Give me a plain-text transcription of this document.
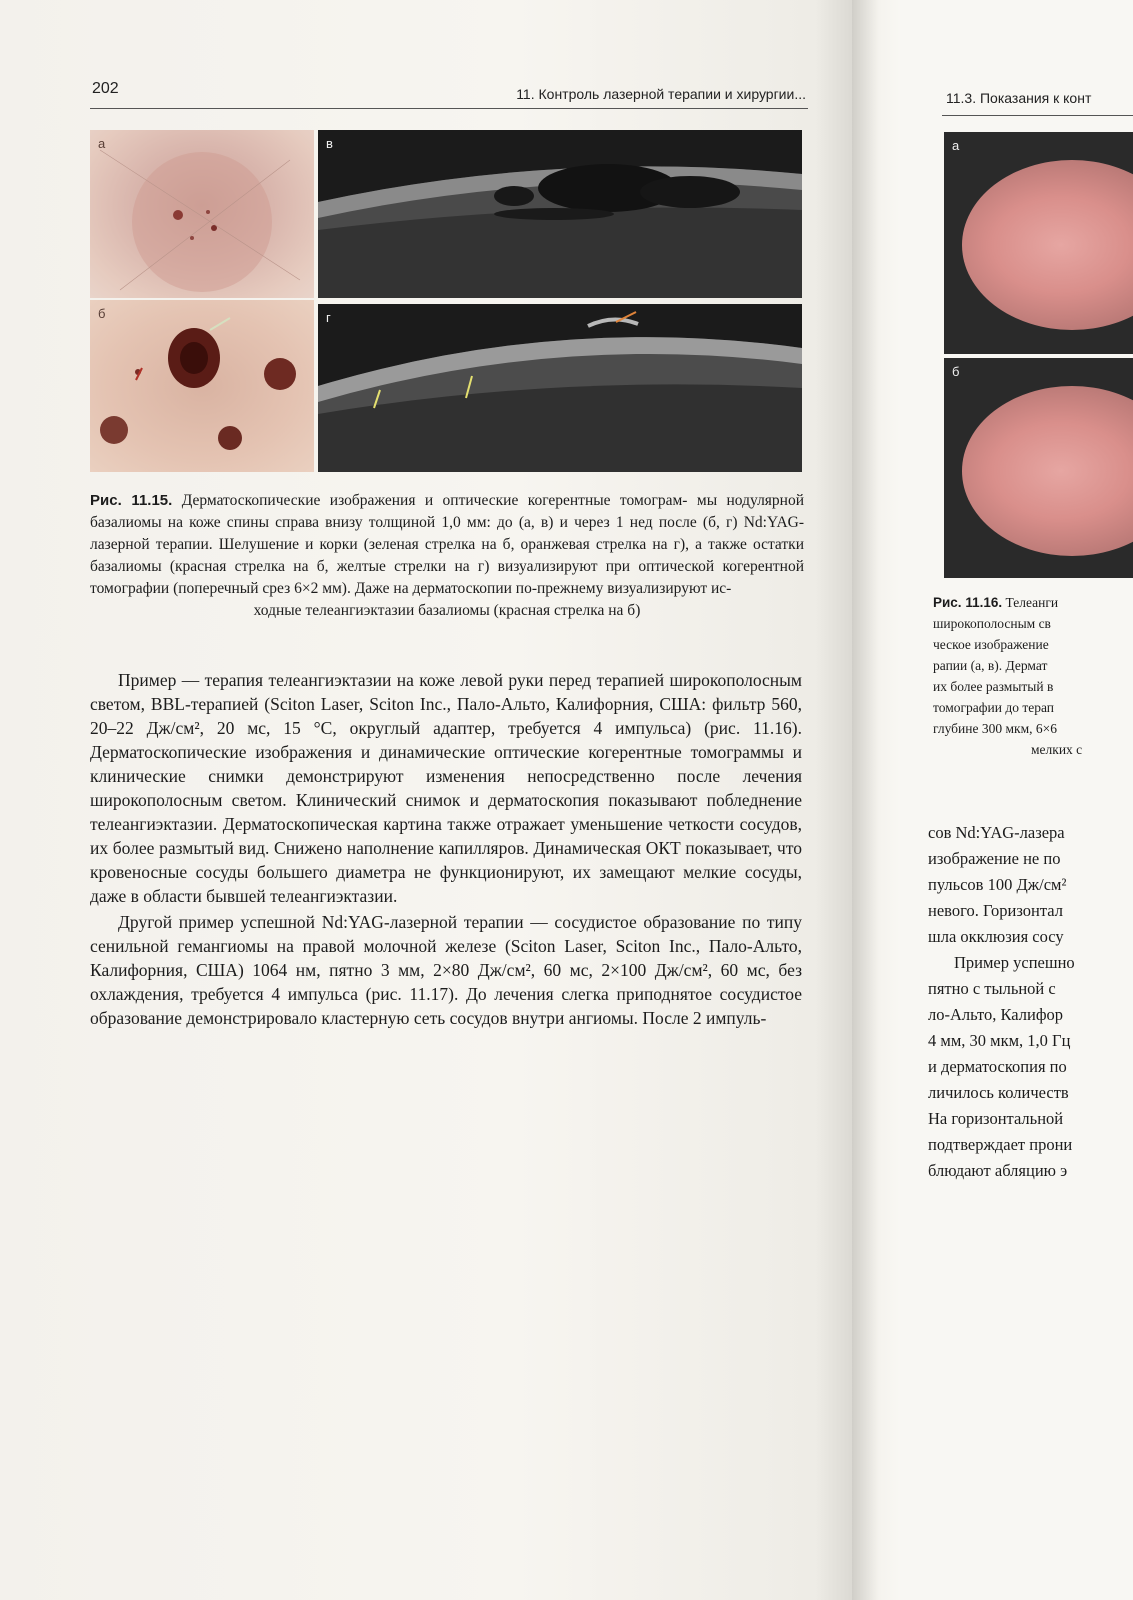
202	11. Контроль лазерной терапии и хирургии...
а	в
б	г
Рис. 11.15. Дерматоскопические изображения и оптические когерентные томограм- мы нодулярной базалиомы на коже спины справа внизу толщиной 1,0 мм: до (а, в) и через 1 нед после (б, г) Nd:YAG-лазерной терапии. Шелушение и корки (зеленая стрелка на б, оранжевая стрелка на г), а также остатки базалиомы (красная стрелка на б, желтые стрелки на г) визуализируют при оптической когерентной томографии (поперечный срез 6×2 мм). Даже на дерматоскопии по-прежнему визуализируют ис-
ходные телеангиэктазии базалиомы (красная стрелка на б)

Пример — терапия телеангиэктазии на коже левой руки перед терапией широкополосным светом, BBL-терапией (Sciton Laser, Sciton Inc., Пало-Альто, Калифорния, США: фильтр 560, 20–22 Дж/см², 20 мс, 15 °С, округлый адаптер, требуется 4 импульса) (рис. 11.16). Дерматоскопические изображения и динамические оптические когерентные томограммы и клинические снимки демонстрируют изменения непосредственно после лечения широкополосным светом. Клинический снимок и дерматоскопия показывают побледнение телеангиэктазии. Дерматоскопическая картина также отражает уменьшение четкости сосудов, их более размытый вид. Снижено наполнение капилляров. Динамическая ОКТ показывает, что кровеносные сосуды большего диаметра не функционируют, их замещают мелкие сосуды, даже в области бывшей телеангиэктазии.

Другой пример успешной Nd:YAG-лазерной терапии — сосудистое образование по типу сенильной гемангиомы на правой молочной железе (Sciton Laser, Sciton Inc., Пало-Альто, Калифорния, США) 1064 нм, пятно 3 мм, 2×80 Дж/см², 60 мс, 2×100 Дж/см², 60 мс, без охлаждения, требуется 4 импульса (рис. 11.17). До лечения слегка приподнятое сосудистое образование демонстрировало кластерную сеть сосудов внутри ангиомы. После 2 импуль-

11.3. Показания к конт
а
б
Рис. 11.16. Телеанги
широкополосным св
ческое изображение
рапии (а, в). Дермат
их более размытый в
томографии до терап
глубине 300 мкм, 6×6
мелких с
сов Nd:YAG-лазера
изображение не по
пульсов 100 Дж/см²
невого. Горизонтал
шла окклюзия сосу
Пример успешно
пятно с тыльной с
ло-Альто, Калифор
4 мм, 30 мкм, 1,0 Гц
и дерматоскопия по
личилось количеств
На горизонтальной
подтверждает прони
блюдают абляцию э
